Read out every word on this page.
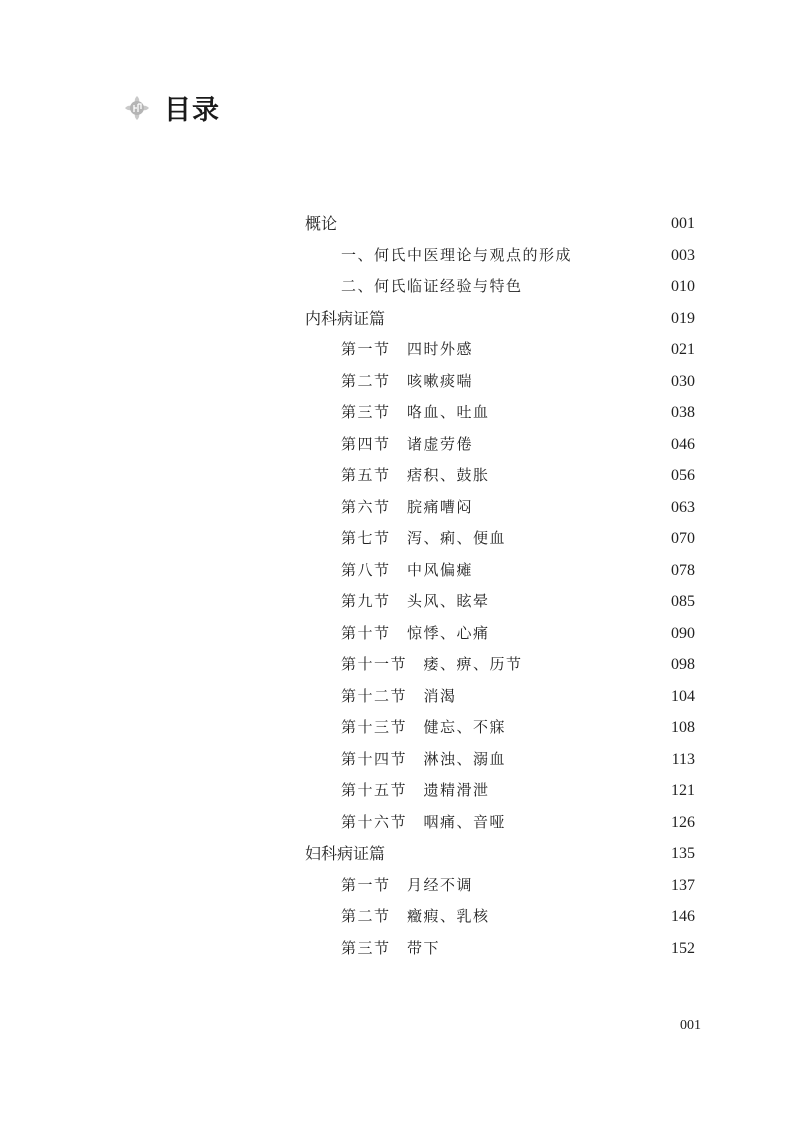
目录
概论	001
一、何氏中医理论与观点的形成	003
二、何氏临证经验与特色	010
内科病证篇	019
第一节　四时外感	021
第二节　咳嗽痰喘	030
第三节　咯血、吐血	038
第四节　诸虚劳倦	046
第五节　痞积、鼓胀	056
第六节　脘痛嘈闷	063
第七节　泻、痢、便血	070
第八节　中风偏瘫	078
第九节　头风、眩晕	085
第十节　惊悸、心痛	090
第十一节　痿、痹、历节	098
第十二节　消渴	104
第十三节　健忘、不寐	108
第十四节　淋浊、溺血	113
第十五节　遗精滑泄	121
第十六节　咽痛、音哑	126
妇科病证篇	135
第一节　月经不调	137
第二节　癥瘕、乳核	146
第三节　带下	152
001
